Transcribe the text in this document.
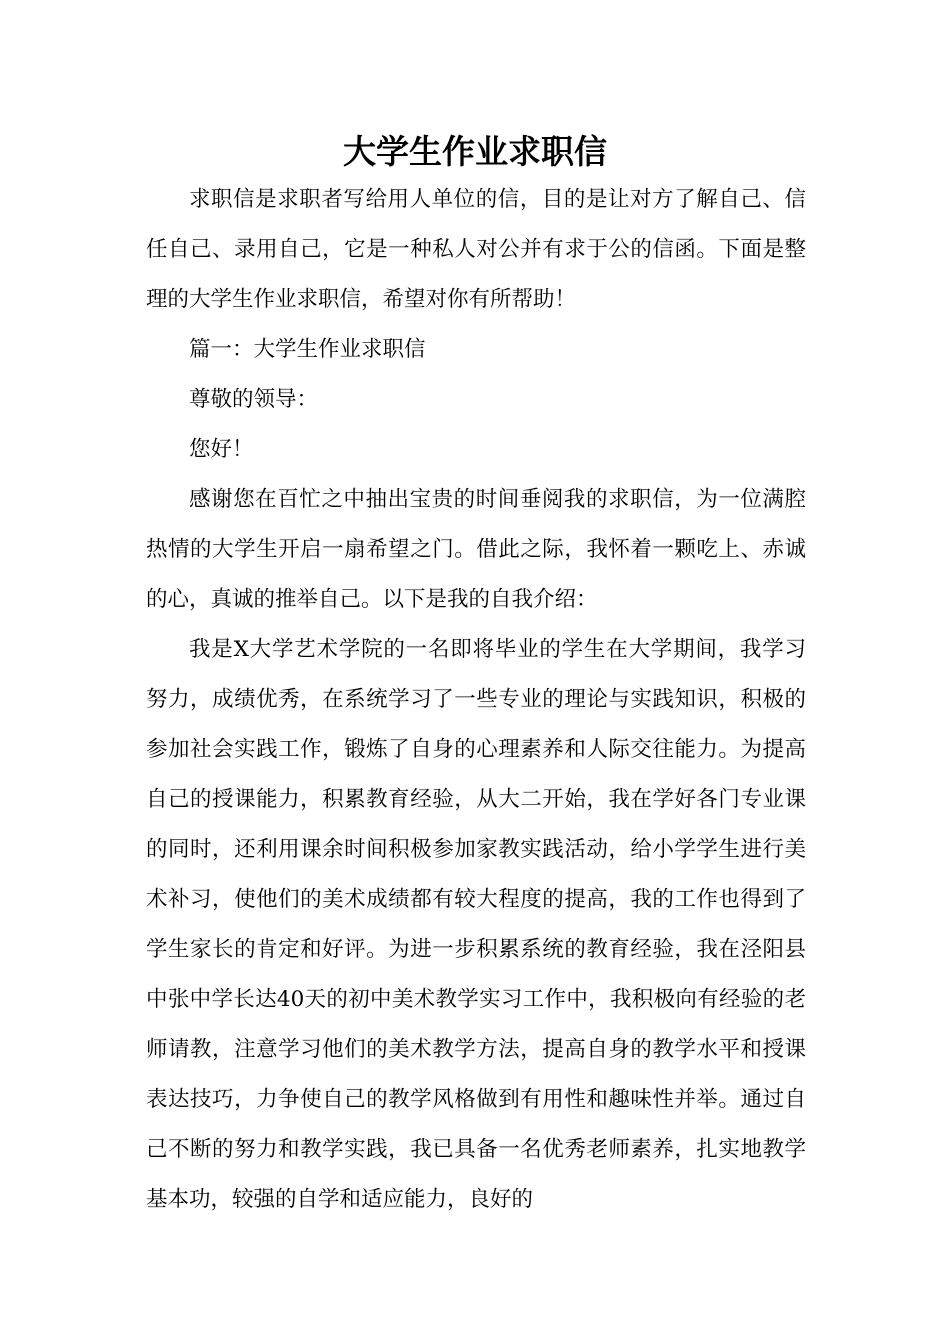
大学生作业求职信

求职信是求职者写给用人单位的信，目的是让对方了解自己、信任自己、录用自己，它是一种私人对公并有求于公的信函。下面是整理的大学生作业求职信，希望对你有所帮助！

篇一：大学生作业求职信

尊敬的领导：

您好！

感谢您在百忙之中抽出宝贵的时间垂阅我的求职信，为一位满腔热情的大学生开启一扇希望之门。借此之际，我怀着一颗吃上、赤诚的心，真诚的推举自己。以下是我的自我介绍：

我是X大学艺术学院的一名即将毕业的学生在大学期间，我学习努力，成绩优秀，在系统学习了一些专业的理论与实践知识，积极的参加社会实践工作，锻炼了自身的心理素养和人际交往能力。为提高自己的授课能力，积累教育经验，从大二开始，我在学好各门专业课的同时，还利用课余时间积极参加家教实践活动，给小学学生进行美术补习，使他们的美术成绩都有较大程度的提高，我的工作也得到了学生家长的肯定和好评。为进一步积累系统的教育经验，我在泾阳县中张中学长达40天的初中美术教学实习工作中，我积极向有经验的老师请教，注意学习他们的美术教学方法，提高自身的教学水平和授课表达技巧，力争使自己的教学风格做到有用性和趣味性并举。通过自己不断的努力和教学实践，我已具备一名优秀老师素养，扎实地教学基本功，较强的自学和适应能力，良好的
